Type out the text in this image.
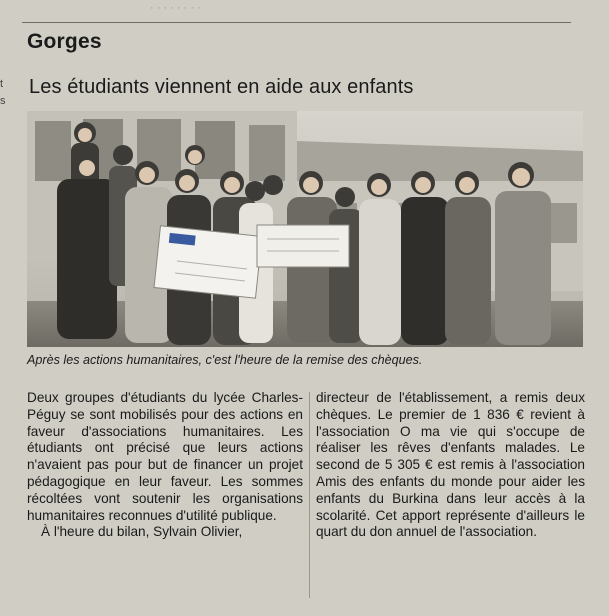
· · · · · · · ·
Gorges
t
s
Les étudiants viennent en aide aux enfants
Après les actions humanitaires, c'est l'heure de la remise des chèques.

Deux groupes d'étudiants du lycée Charles-Péguy se sont mobilisés pour des actions en faveur d'associations humanitaires. Les étudiants ont précisé que leurs actions n'avaient pas pour but de financer un projet pédagogique en leur faveur. Les sommes récoltées vont soutenir les organisations humanitaires reconnues d'utilité publique.

À l'heure du bilan, Sylvain Olivier,

directeur de l'établissement, a remis deux chèques. Le premier de 1 836 € revient à l'association O ma vie qui s'occupe de réaliser les rêves d'enfants malades. Le second de 5 305 € est remis à l'association Amis des enfants du monde pour aider les enfants du Burkina dans leur accès à la scolarité. Cet apport représente d'ailleurs le quart du don annuel de l'association.
